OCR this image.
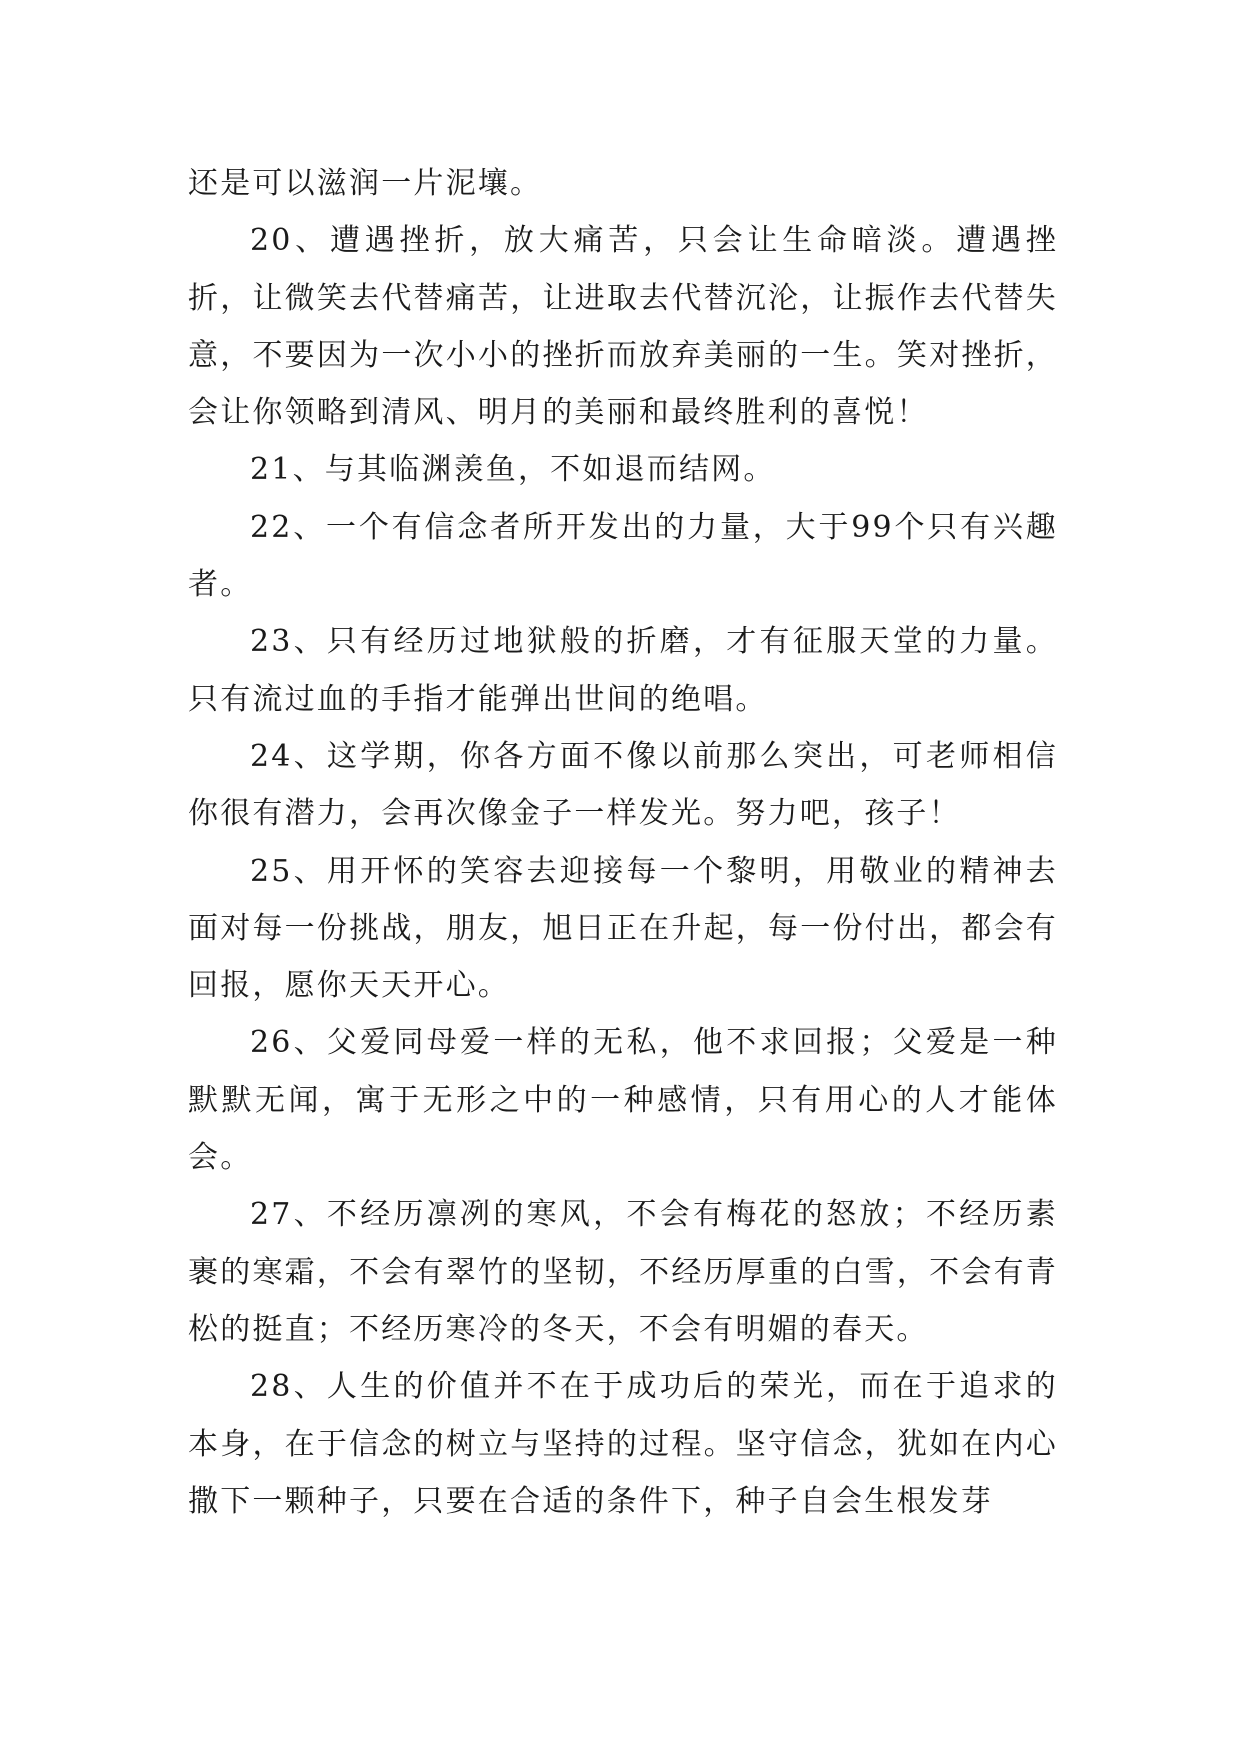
还是可以滋润一片泥壤。

20、遭遇挫折，放大痛苦，只会让生命暗淡。遭遇挫折，让微笑去代替痛苦，让进取去代替沉沦，让振作去代替失意，不要因为一次小小的挫折而放弃美丽的一生。笑对挫折，会让你领略到清风、明月的美丽和最终胜利的喜悦！

21、与其临渊羡鱼，不如退而结网。

22、一个有信念者所开发出的力量，大于99个只有兴趣者。

23、只有经历过地狱般的折磨，才有征服天堂的力量。只有流过血的手指才能弹出世间的绝唱。

24、这学期，你各方面不像以前那么突出，可老师相信你很有潜力，会再次像金子一样发光。努力吧，孩子！

25、用开怀的笑容去迎接每一个黎明，用敬业的精神去面对每一份挑战，朋友，旭日正在升起，每一份付出，都会有回报，愿你天天开心。

26、父爱同母爱一样的无私，他不求回报；父爱是一种默默无闻，寓于无形之中的一种感情，只有用心的人才能体会。

27、不经历凛冽的寒风，不会有梅花的怒放；不经历素裹的寒霜，不会有翠竹的坚韧，不经历厚重的白雪，不会有青松的挺直；不经历寒冷的冬天，不会有明媚的春天。

28、人生的价值并不在于成功后的荣光，而在于追求的本身，在于信念的树立与坚持的过程。坚守信念，犹如在内心撒下一颗种子，只要在合适的条件下，种子自会生根发芽
